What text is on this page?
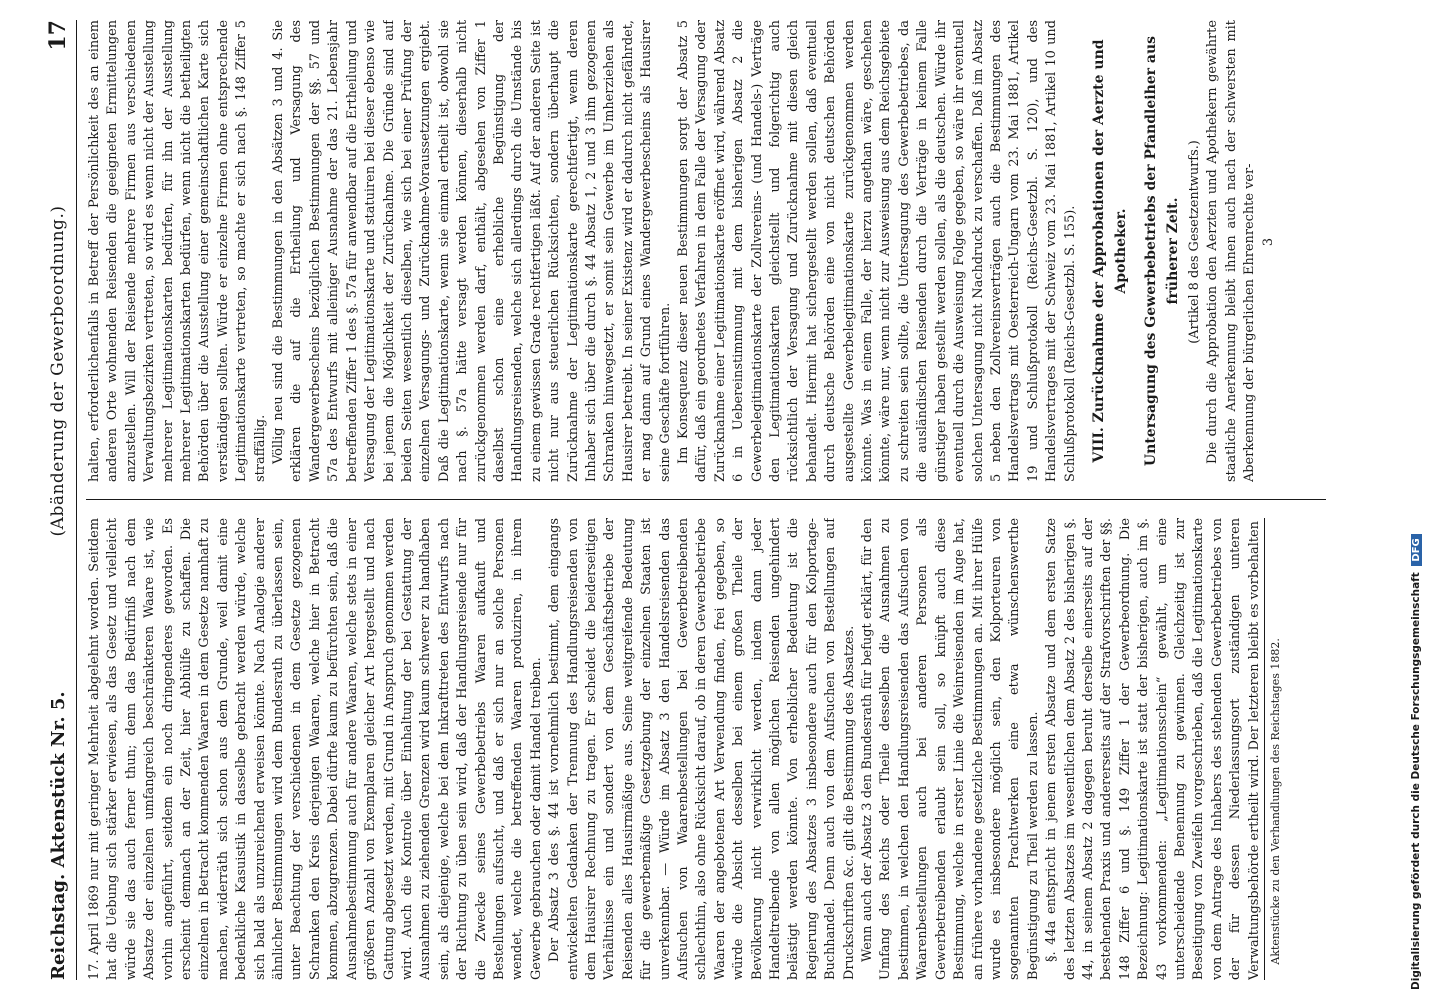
Reichstag. Aktenstück Nr. 5.
(Abänderung der Gewerbeordnung.)
17

17. April 1869 nur mit geringer Mehrheit abgelehnt worden. Seitdem hat die Uebung sich stärker erwiesen, als das Gesetz und vielleicht würde sie das auch ferner thun; denn das Bedürfniß nach dem Absatze der einzelnen umfangreich beschränkteren Waare ist, wie vorhin angeführt, seitdem ein noch dringenderes geworden. Es erscheint demnach an der Zeit, hier Abhülfe zu schaffen. Die einzelnen in Betracht kommenden Waaren in dem Gesetze namhaft zu machen, widerräth sich schon aus dem Grunde, weil damit eine bedenkliche Kasuistik in dasselbe gebracht werden würde, welche sich bald als unzureichend erweisen könnte. Nach Analogie anderer ähnlicher Bestimmungen wird dem Bundesrath zu überlassen sein, unter Beachtung der verschiedenen in dem Gesetze gezogenen Schranken den Kreis derjenigen Waaren, welche hier in Betracht kommen, abzugrenzen. Dabei dürfte kaum zu befürchten sein, daß die Ausnahmebestimmung auch für andere Waaren, welche stets in einer größeren Anzahl von Exemplaren gleicher Art hergestellt und nach Gattung abgesetzt werden, mit Grund in Anspruch genommen werden wird. Auch die Kontrole über Einhaltung der bei Gestattung der Ausnahmen zu ziehenden Grenzen wird kaum schwerer zu handhaben sein, als diejenige, welche bei dem Inkrafttreten des Entwurfs nach der Richtung zu üben sein wird, daß der Handlungsreisende nur für die Zwecke seines Gewerbebetriebs Waaren aufkauft und Bestellungen aufsucht, und daß er sich nur an solche Personen wendet, welche die betreffenden Waaren produziren, in ihrem Gewerbe gebrauchen oder damit Handel treiben. Der Absatz 3 des §. 44 ist vornehmlich bestimmt, dem eingangs entwickelten Gedanken der Trennung des Handlungsreisenden von dem Hausirer Rechnung zu tragen. Er scheidet die beiderseitigen Verhältnisse ein und sondert von dem Geschäftsbetriebe der Reisenden alles Hausirmäßige aus. Seine weitgreifende Bedeutung für die gewerbemäßige Gesetzgebung der einzelnen Staaten ist unverkennbar. — Würde im Absatz 3 den Handelsreisenden das Aufsuchen von Waarenbestellungen bei Gewerbetreibenden schlechthin, also ohne Rücksicht darauf, ob in deren Gewerbebetriebe Waaren der angebotenen Art Verwendung finden, frei gegeben, so würde die Absicht desselben bei einem großen Theile der Bevölkerung nicht verwirklicht werden, indem dann jeder Handeltreibende von allen möglichen Reisenden ungehindert belästigt werden könnte. Von erheblicher Bedeutung ist die Regierung des Absatzes 3 insbesondere auch für den Kolportage-Buchhandel. Denn auch von dem Aufsuchen von Bestellungen auf Druckschriften &c. gilt die Bestimmung des Absatzes. Wenn auch der Absatz 3 den Bundesrath für befugt erklärt, für den Umfang des Reichs oder Theile desselben die Ausnahmen zu bestimmen, in welchen den Handlungsreisenden das Aufsuchen von Waarenbestellungen auch bei anderen Personen als Gewerbetreibenden erlaubt sein soll, so knüpft auch diese Bestimmung, welche in erster Linie die Weinreisenden im Auge hat, an frühere vorhandene gesetzliche Bestimmungen an. Mit ihrer Hülfe wurde es insbesondere möglich sein, den Kolporteuren von sogenannten Prachtwerken eine etwa wünschenswerthe Begünstigung zu Theil werden zu lassen. §. 44a entspricht in jenem ersten Absatze und dem ersten Satze des letzten Absatzes im wesentlichen dem Absatz 2 des bisherigen §. 44, in seinem Absatz 2 dagegen beruht derselbe einerseits auf der bestehenden Praxis und andererseits auf der Strafvorschriften der §§. 148 Ziffer 6 und §. 149 Ziffer 1 der Gewerbeordnung. Die Bezeichnung: Legitimationskarte ist statt der bisherigen, auch im §. 43 vorkommenden: „Legitimationsschein“ gewählt, um eine unterscheidende Benennung zu gewinnen. Gleichzeitig ist zur Beseitigung von Zweifeln vorgeschrieben, daß die Legitimationskarte von dem Antrage des Inhabers des stehenden Gewerbebetriebes von der für dessen Niederlassungsort zuständigen unteren Verwaltungsbehörde ertheilt wird. Der letzteren bleibt es vorbehalten Aktenstücke zu den Verhandlungen des Reichstages 1882.

halten, erforderlichenfalls in Betreff der Persönlichkeit des an einem anderen Orte wohnenden Reisenden die geeigneten Ermittelungen anzustellen. Will der Reisende mehrere Firmen aus verschiedenen Verwaltungsbezirken vertreten, so wird es wenn nicht der Ausstellung mehrerer Legitimationskarten bedürfen, für ihn der Ausstellung mehrerer Legitimationskarten bedürfen, wenn nicht die betheiligten Behörden über die Ausstellung einer gemeinschaftlichen Karte sich verständigen sollten. Würde er einzelne Firmen ohne entsprechende Legitimationskarte vertreten, so machte er sich nach §. 148 Ziffer 5 straffällig. Völlig neu sind die Bestimmungen in den Absätzen 3 und 4. Sie erklären die auf die Ertheilung und Versagung des Wandergewerbescheins bezüglichen Bestimmungen der §§. 57 und 57a des Entwurfs mit alleiniger Ausnahme der das 21. Lebensjahr betreffenden Ziffer 1 des §. 57a für anwendbar auf die Ertheilung und Versagung der Legitimationskarte und statuiren bei dieser ebenso wie bei jenem die Möglichkeit der Zurücknahme. Die Gründe sind auf beiden Seiten wesentlich dieselben, wie sich bei einer Prüfung der einzelnen Versagungs- und Zurücknahme-Voraussetzungen ergiebt. Daß die Legitimationskarte, wenn sie einmal ertheilt ist, obwohl sie nach §. 57a hätte versagt werden können, dieserhalb nicht zurückgenommen werden darf, enthält, abgesehen von Ziffer 1 daselbst schon eine erhebliche Begünstigung der Handlungsreisenden, welche sich allerdings durch die Umstände bis zu einem gewissen Grade rechtfertigen läßt. Auf der anderen Seite ist nicht nur aus steuerlichen Rücksichten, sondern überhaupt die Zurücknahme der Legitimationskarte gerechtfertigt, wenn deren Inhaber sich über die durch §. 44 Absatz 1, 2 und 3 ihm gezogenen Schranken hinwegsetzt, er somit sein Gewerbe im Umherziehen als Hausirer betreibt. In seiner Existenz wird er dadurch nicht gefährdet, er mag dann auf Grund eines Wandergewerbescheins als Hausirer seine Geschäfte fortführen. Im Konsequenz dieser neuen Bestimmungen sorgt der Absatz 5 dafür, daß ein geordnetes Verfahren in dem Falle der Versagung oder Zurücknahme einer Legitimationskarte eröffnet wird, während Absatz 6 in Uebereinstimmung mit dem bisherigen Absatz 2 die Gewerbelegitimationskarte der Zollvereins- (und Handels-) Verträge den Legitimationskarten gleichstellt und folgerichtig auch rücksichtlich der Versagung und Zurücknahme mit diesen gleich behandelt. Hiermit hat sichergestellt werden sollen, daß eventuell durch deutsche Behörden eine von nicht deutschen Behörden ausgestellte Gewerbelegitimationskarte zurückgenommen werden könnte. Was in einem Falle, der hierzu angethan wäre, geschehen könnte, wäre nur, wenn nicht zur Ausweisung aus dem Reichsgebiete zu schreiten sein sollte, die Untersagung des Gewerbebetriebes, da die ausländischen Reisenden durch die Verträge in keinem Falle günstiger haben gestellt werden sollen, als die deutschen. Würde ihr eventuell durch die Ausweisung Folge gegeben, so wäre ihr eventuell solchen Untersagung nicht Nachdruck zu verschaffen. Daß im Absatz 5 neben den Zollvereinsverträgen auch die Bestimmungen des Handelsvertrags mit Oesterreich-Ungarn vom 23. Mai 1881, Artikel 19 und Schlußprotokoll (Reichs-Gesetzbl. S. 120), und des Handelsvertrages mit der Schweiz vom 23. Mai 1881, Artikel 10 und Schlußprotokoll (Reichs-Gesetzbl. S. 155). VIII. Zurücknahme der Approbationen der Aerzte und Apotheker. Untersagung des Gewerbebetriebs der Pfandleiher aus früherer Zeit. (Artikel 8 des Gesetzentwurfs.) Die durch die Approbation den Aerzten und Apothekern gewährte staatliche Anerkennung bleibt ihnen auch nach der schwersten mit Aberkennung der bürgerlichen Ehrenrechte ver- 3

Digitalisierung gefördert durch die Deutsche Forschungsgemeinschaft DFG
